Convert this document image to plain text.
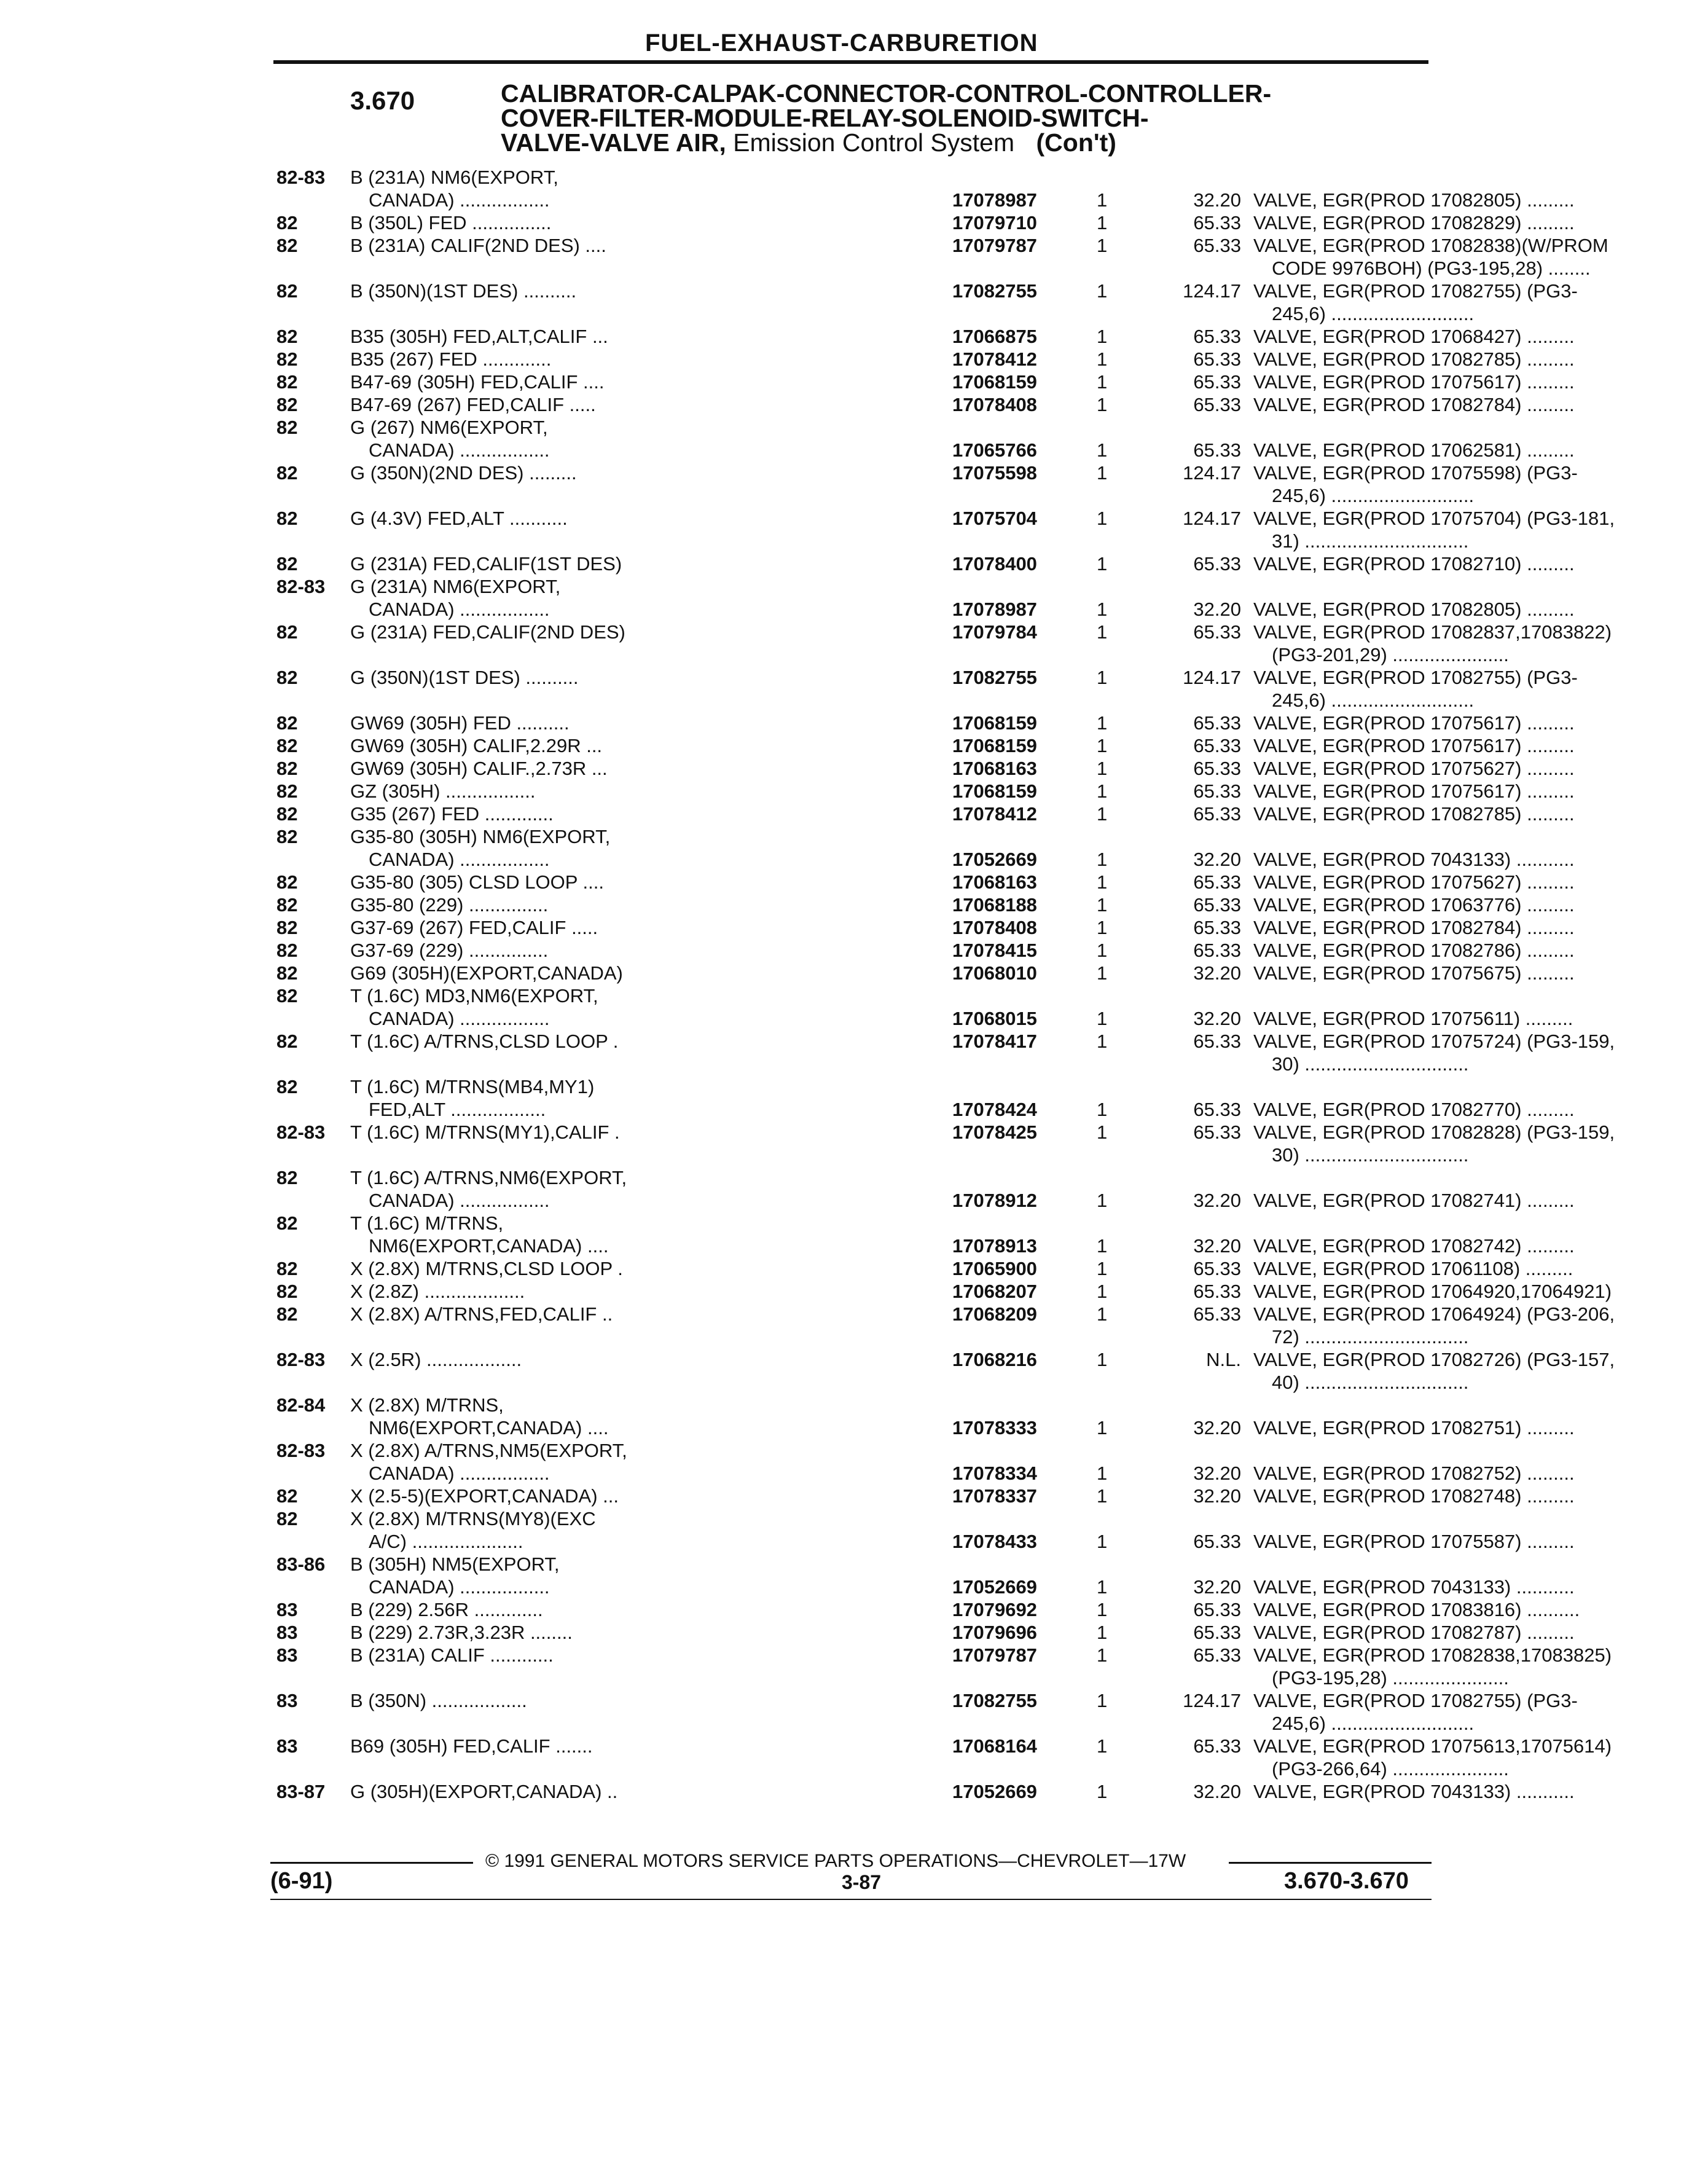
FUEL-EXHAUST-CARBURETION
3.670	CALIBRATOR-CALPAK-CONNECTOR-CONTROL-CONTROLLER-
COVER-FILTER-MODULE-RELAY-SOLENOID-SWITCH-
VALVE-VALVE AIR, Emission Control System (Con't)
82-83 B (231A) NM6(EXPORT,
CANADA) .................	17078987	1	32.20 VALVE, EGR(PROD 17082805) .........
82	B (350L) FED ...............	17079710	1	65.33 VALVE, EGR(PROD 17082829) .........
82	B (231A) CALIF(2ND DES) ....	17079787	1	65.33 VALVE, EGR(PROD 17082838)(W/PROM
CODE 9976BOH) (PG3-195,28) ........
82	B (350N)(1ST DES) ..........	17082755	1	124.17 VALVE, EGR(PROD 17082755) (PG3-
245,6) ...........................
82	B35 (305H) FED,ALT,CALIF ...	17066875	1	65.33 VALVE, EGR(PROD 17068427) .........
82	B35 (267) FED .............	17078412	1	65.33 VALVE, EGR(PROD 17082785) .........
82	B47-69 (305H) FED,CALIF ....	17068159	1	65.33 VALVE, EGR(PROD 17075617) .........
82	B47-69 (267) FED,CALIF .....	17078408	1	65.33 VALVE, EGR(PROD 17082784) .........
82	G (267) NM6(EXPORT,
CANADA) .................	17065766	1	65.33 VALVE, EGR(PROD 17062581) .........
82	G (350N)(2ND DES) .........	17075598	1	124.17 VALVE, EGR(PROD 17075598) (PG3-
245,6) ...........................
82	G (4.3V) FED,ALT ...........	17075704	1	124.17 VALVE, EGR(PROD 17075704) (PG3-181,
31) ...............................
82	G (231A) FED,CALIF(1ST DES)	17078400	1	65.33 VALVE, EGR(PROD 17082710) .........
82-83 G (231A) NM6(EXPORT,
CANADA) .................	17078987	1	32.20 VALVE, EGR(PROD 17082805) .........
82	G (231A) FED,CALIF(2ND DES)	17079784	1	65.33 VALVE, EGR(PROD 17082837,17083822)
(PG3-201,29) ......................
82	G (350N)(1ST DES) ..........	17082755	1	124.17 VALVE, EGR(PROD 17082755) (PG3-
245,6) ...........................
82	GW69 (305H) FED ..........	17068159	1	65.33 VALVE, EGR(PROD 17075617) .........
82	GW69 (305H) CALIF,2.29R ...	17068159	1	65.33 VALVE, EGR(PROD 17075617) .........
82	GW69 (305H) CALIF.,2.73R ...	17068163	1	65.33 VALVE, EGR(PROD 17075627) .........
82	GZ (305H) .................	17068159	1	65.33 VALVE, EGR(PROD 17075617) .........
82	G35 (267) FED .............	17078412	1	65.33 VALVE, EGR(PROD 17082785) .........
82	G35-80 (305H) NM6(EXPORT,
CANADA) .................	17052669	1	32.20 VALVE, EGR(PROD 7043133) ...........
82	G35-80 (305) CLSD LOOP ....	17068163	1	65.33 VALVE, EGR(PROD 17075627) .........
82	G35-80 (229) ...............	17068188	1	65.33 VALVE, EGR(PROD 17063776) .........
82	G37-69 (267) FED,CALIF .....	17078408	1	65.33 VALVE, EGR(PROD 17082784) .........
82	G37-69 (229) ...............	17078415	1	65.33 VALVE, EGR(PROD 17082786) .........
82	G69 (305H)(EXPORT,CANADA)	17068010	1	32.20 VALVE, EGR(PROD 17075675) .........
82	T (1.6C) MD3,NM6(EXPORT,
CANADA) .................	17068015	1	32.20 VALVE, EGR(PROD 17075611) .........
82	T (1.6C) A/TRNS,CLSD LOOP .	17078417	1	65.33 VALVE, EGR(PROD 17075724) (PG3-159,
30) ...............................
82	T (1.6C) M/TRNS(MB4,MY1)
FED,ALT ..................	17078424	1	65.33 VALVE, EGR(PROD 17082770) .........
82-83 T (1.6C) M/TRNS(MY1),CALIF .	17078425	1	65.33 VALVE, EGR(PROD 17082828) (PG3-159,
30) ...............................
82	T (1.6C) A/TRNS,NM6(EXPORT,
CANADA) .................	17078912	1	32.20 VALVE, EGR(PROD 17082741) .........
82	T (1.6C) M/TRNS,
NM6(EXPORT,CANADA) ....	17078913	1	32.20 VALVE, EGR(PROD 17082742) .........
82	X (2.8X) M/TRNS,CLSD LOOP .	17065900	1	65.33 VALVE, EGR(PROD 17061108) .........
82	X (2.8Z) ...................	17068207	1	65.33 VALVE, EGR(PROD 17064920,17064921)
82	X (2.8X) A/TRNS,FED,CALIF ..	17068209	1	65.33 VALVE, EGR(PROD 17064924) (PG3-206,
72) ...............................
82-83 X (2.5R) ..................	17068216	1	N.L. VALVE, EGR(PROD 17082726) (PG3-157,
40) ...............................
82-84 X (2.8X) M/TRNS,
NM6(EXPORT,CANADA) ....	17078333	1	32.20 VALVE, EGR(PROD 17082751) .........
82-83 X (2.8X) A/TRNS,NM5(EXPORT,
CANADA) .................	17078334	1	32.20 VALVE, EGR(PROD 17082752) .........
82	X (2.5-5)(EXPORT,CANADA) ...	17078337	1	32.20 VALVE, EGR(PROD 17082748) .........
82	X (2.8X) M/TRNS(MY8)(EXC
A/C) .....................	17078433	1	65.33 VALVE, EGR(PROD 17075587) .........
83-86 B (305H) NM5(EXPORT,
CANADA) .................	17052669	1	32.20 VALVE, EGR(PROD 7043133) ...........
83	B (229) 2.56R .............	17079692	1	65.33 VALVE, EGR(PROD 17083816) ..........
83	B (229) 2.73R,3.23R ........	17079696	1	65.33 VALVE, EGR(PROD 17082787) .........
83	B (231A) CALIF ............	17079787	1	65.33 VALVE, EGR(PROD 17082838,17083825)
(PG3-195,28) ......................
83	B (350N) ..................	17082755	1	124.17 VALVE, EGR(PROD 17082755) (PG3-
245,6) ...........................
83	B69 (305H) FED,CALIF .......	17068164	1	65.33 VALVE, EGR(PROD 17075613,17075614)
(PG3-266,64) ......................
83-87 G (305H)(EXPORT,CANADA) ..	17052669	1	32.20 VALVE, EGR(PROD 7043133) ...........
© 1991 GENERAL MOTORS SERVICE PARTS OPERATIONS—CHEVROLET—17W
(6-91)	3-87	3.670-3.670
